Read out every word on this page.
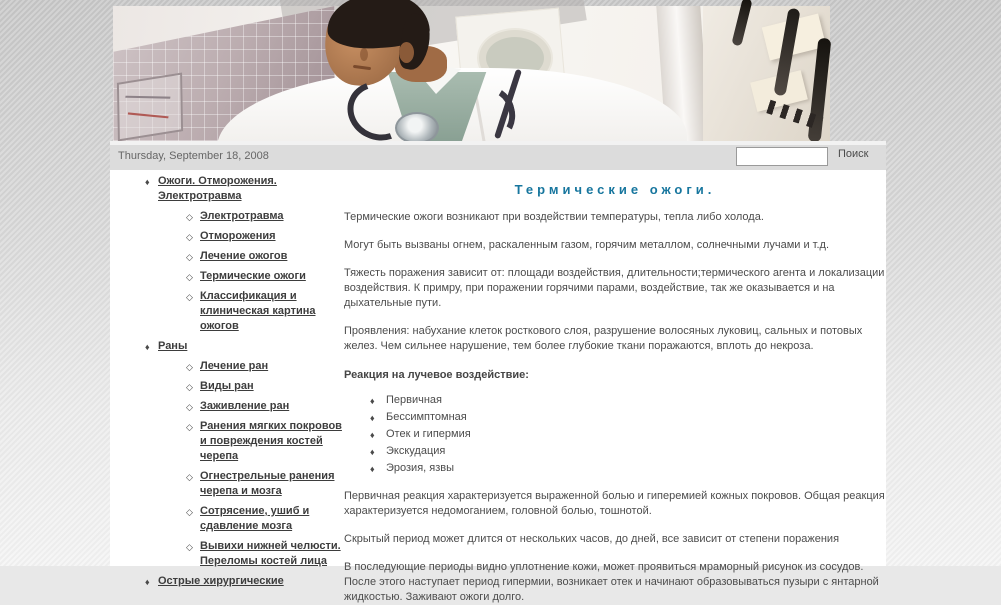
Thursday, September 18, 2008	Поиск
♦ Ожоги. Отморожения. Электротравма
◇ Электротравма
◇ Отморожения
◇ Лечение ожогов
◇ Термические ожоги
◇ Классификация и клиническая картина ожогов
♦ Раны
◇ Лечение ран
◇ Виды ран
◇ Заживление ран
◇ Ранения мягких покровов и повреждения костей черепа
◇ Огнестрельные ранения черепа и мозга
◇ Сотрясение, ушиб и сдавление мозга
◇ Вывихи нижней челюсти. Переломы костей лица
♦ Острые хирургические
Термические ожоги.

Термические ожоги возникают при воздействии температуры, тепла либо холода.

Могут быть вызваны огнем, раскаленным газом, горячим металлом, солнечными лучами и т.д.

Тяжесть поражения зависит от: площади воздействия, длительности;термического агента и локализации воздействия. К примру, при поражении горячими парами, воздействие, так же оказывается и на дыхательные пути.

Проявления: набухание клеток росткового слоя, разрушение волосяных луковиц, сальных и потовых желез. Чем сильнее нарушение, тем более глубокие ткани поражаются, вплоть до некроза.

Реакция на лучевое воздействие:
♦ Первичная
♦ Бессимптомная
♦ Отек и гипермия
♦ Экскудация
♦ Эрозия, язвы

Первичная реакция характеризуется выраженной болью и гиперемией кожных покровов. Общая реакция характеризуется недомоганием, головной болью, тошнотой.

Скрытый период может длится от нескольких часов, до дней, все зависит от степени поражения

В последующие периоды видно уплотнение кожи, может проявиться мраморный рисунок из сосудов. После этого наступает период гипермии, возникает отек и начинают образовываться пузыри с янтарной жидкостью. Заживают ожоги долго.
